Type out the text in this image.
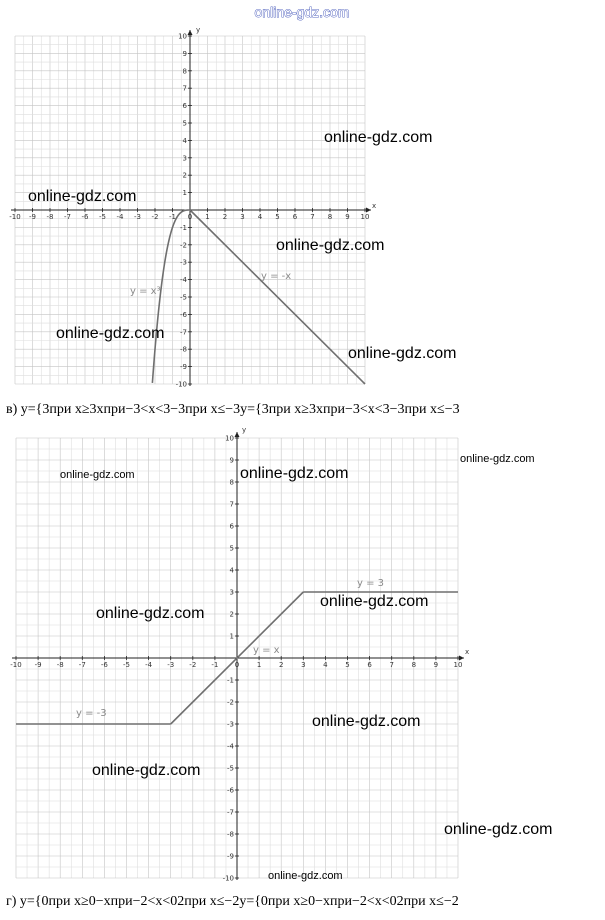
online-gdz.com
-10
-10
-9
-9
-8
-8
-7
-7
-6
-6
-5
-5
-4
-4
-3
-3
-2
-2
-1
-1
0 1
1
2
2
3
3
4
4
5
5
6
6
7
7
8
8
9
9
10
10
x
y
y = x³
y = -x
online-gdz.com
online-gdz.com
online-gdz.com
online-gdz.com
online-gdz.com
в) y={3при x≥3xпри−3<x<3−3при x≤−3y={3при x≥3xпри−3<x<3−3при x≤−3
-10
-10
-9
-9
-8
-8
-7
-7
-6
-6
-5
-5
-4
-4
-3
-3
-2
-2
-1
-1
0	1
1
2
2
3
3
4
4
5
5
6
6
7
7
8
8
9
9
10
10
x
y
y = -3
y = x
y = 3
online-gdz.com	online-gdz.com
online-gdz.com
online-gdz.com
online-gdz.com
online-gdz.com
online-gdz.com
online-gdz.com
online-gdz.com
г) y={0при x≥0−xпри−2<x<02при x≤−2y={0при x≥0−xпри−2<x<02при x≤−2
